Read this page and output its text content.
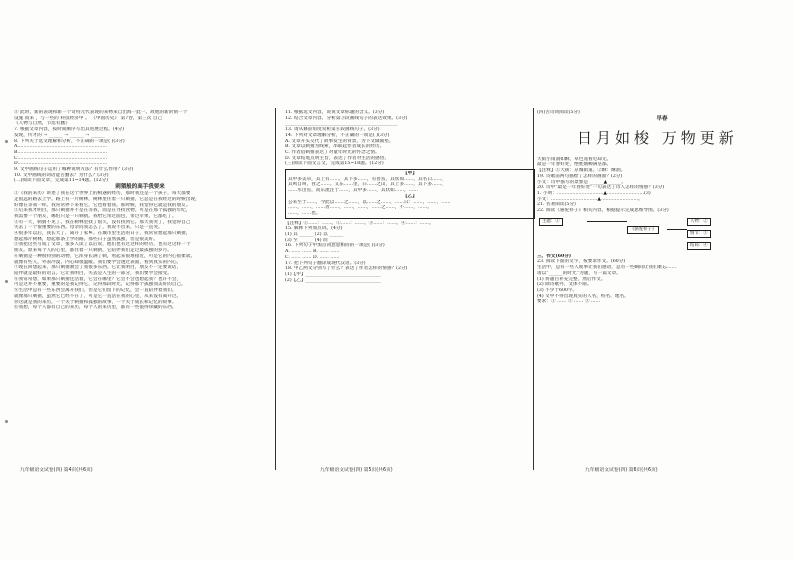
⑤ 此时，新的表现和新一个奇特元代表现的来物来自出海一此一。故他的新的情一个
设施 而来 ，与一些的 科技经济中 。 《中国历史》 第7卷，第三次 自己
《人物与自然，节选有删》
7. 根据文章内容，按时间顺序写出其进展过程。(4分)
发现，传才的 → ______ → ______ → ______
8. 下列关于选文理解和分析，不正确的一项是( )(3分)
A.…………………………………………………
B.…………………………………………………
C.…………………………………………………
D.…………………………………………………
9. 文中画线句子运用了哪种说明方法？有什么作用？(3分)
10. 文中画线的词语能否删去？为什么？(3分)
(二)阅读下面文章，完成第11~14题。(12分)
刺猬般的高手我要来
①《我的来历》讲述了我在这个世界上的相遇的经历，那时我还是一个孩子，每天都要
走很远的路去上学。路上有一片树林，树林里住着一只刺猬，它总是在我经过的时候出现，
好像在等我一样。我常常停下来看它，它也看着我。那时候，我觉得它就是我的朋友。
②后来我才明白，那只刺猬并不是在等我，而是在寻找食物。可是在那个孤独的年纪，
我需要一个朋友，哪怕只是一只刺猬。我给它带过面包，带过苹果，它都吃了。
③有一天，刺猬不见了。我在树林里找了很久，没有找到它。那天我哭了，我觉得自己
失去了一个很重要的东西。母亲问我怎么了，我说不出来，只是一直哭。
④很多年以后，我长大了，离开了家乡。在城市里生活的日子，我常常想起那只刺猬，
想起那片树林，想起那条上学的路。那些日子虽然孤独，但是很美好。
⑤我把这些写成了文章，很多人读了以后说，他们也有过这样的经历，也有过这样一个
朋友。原来每个人的心里，都住着一只刺猬，它陪伴我们走过最孤独的岁月。
⑥刺猬是一种很特别的动物，它浑身长满了刺，看起来很难接近，可是它的内心很柔软。
就像有些人，外表冷漠，内心却很温暖。我们要学会透过表面，看到真实的内心。
⑦现在回想起来，那只刺猬教会了我很多东西。它让我明白，朋友不一定要说话，
陪伴就是最好的语言。它让我明白，失去是人生的一部分，我们要学会接受。
⑧我常常想，如果那只刺猬还活着，它会在哪里？它会不会也想起我？也许不会，
可是这并不重要，重要的是我记得它，记得那段时光，记得那个孤独而美好的自己。
⑨生活中总有一些东西会离开我们，但是它们留下的记忆，会一直陪伴着我们。
就像那只刺猬，虽然它已经不在了，可是它一直活在我的心里，从来没有离开过。
⑩这就是我的来历，一个关于刺猬和孤独的故事，一个关于成长和记忆的故事。
⑪我想，每个人都有自己的来历，每个人的来历里，都有一些值得珍藏的东西。
九年级语文试卷(四) 第4页(共6页)
11. 根据选文内容，说说文章标题的含义。(3分)
12. 结合文章内容，分析第③段画线句子的表达效果。(3分)
________________________________________________
13. 请从修辞角度赏析第⑥段画线句子。(3分)
14. 下列对文章理解分析，不正确的一项是( )(3分)
A. 文章开头交代了故事发生的背景，为下文做铺垫。
B. 文章以刺猬为线索，串联起作者成长的经历。
C. 作者借刺猬表达了对童年时光的怀念之情。
D. 文章结尾点明主旨，表达了作者对生活的感悟。
(三)阅读下面文言文，完成第15~18题。(12分)
【甲】
其中多美草，其上有……，其下多……，有兽焉，其状如……，其名曰……，
其鸣自叫，食之……。又东……里，曰……之山，其上多……，其下多……，
……水出焉，而东流注于……，其中多……，其状如……，……
【乙】
公来至于……，今此以……之……，以……之……，……曰：……，……，……
……，……，……者……，……，……，……之……，不……，……。
……，……也。
【注释】①……：……。②……：……。③……：……。④……：……。
15. 解释下列加点词。(4分)
(1) 其 ______ (2) 以 ______
(3) 至 ______ (4) 而 ______
16. 下列句子中加点词意思相同的一项是( )(3分)
A. …… …… B. …… ……
C. …… …… D. …… ……
17. 把下列句子翻译成现代汉语。(3分)
18. 甲乙两文分别写了什么？表达了作者怎样的情感？(2分)
(1)【甲】________________________________
(2)【乙】________________________________
九年级语文试卷(四) 第5页(共6页)
(四)古诗词阅读(5分)
早春
日月如梭 万物更新
天街小雨润如酥，草色遥看近却无。
最是一年春好处，绝胜烟柳满皇都。
【注释】①天街：京城街道。②酥：酥油。
19. 诗歌前两句描绘了怎样的画面？(2分)
小文：诗中描写的景象是 ______▲______。
20. 诗中“最是一年春好处”一句表达了诗人怎样的情感？(3分)
1. 小明：…………………………▲……………………(3)
小文：…………………………▲……………………。
21. 名著阅读(5分)
22. 阅读《骆驼祥子》相关内容，根据提示完成思维导图。(3分)
主题：①
《骆驼祥子》
人物：②
情节：③
结局：④
三、作文(60分)
23. 阅读下面的文字，按要求作文。(60分)
生活中，总有一些人或事让我们感动，总有一些瞬间让我们难忘……
请以“______的时光”为题，写一篇文章。
(1) 将题目补充完整，然后作文。
(2) 除诗歌外，文体不限。
(3) 不少于600字。
(4) 文中不得出现真实的人名、校名、地名。
要求：① …… ② …… ③ ……
九年级语文试卷(四) 第6页(共6页)
